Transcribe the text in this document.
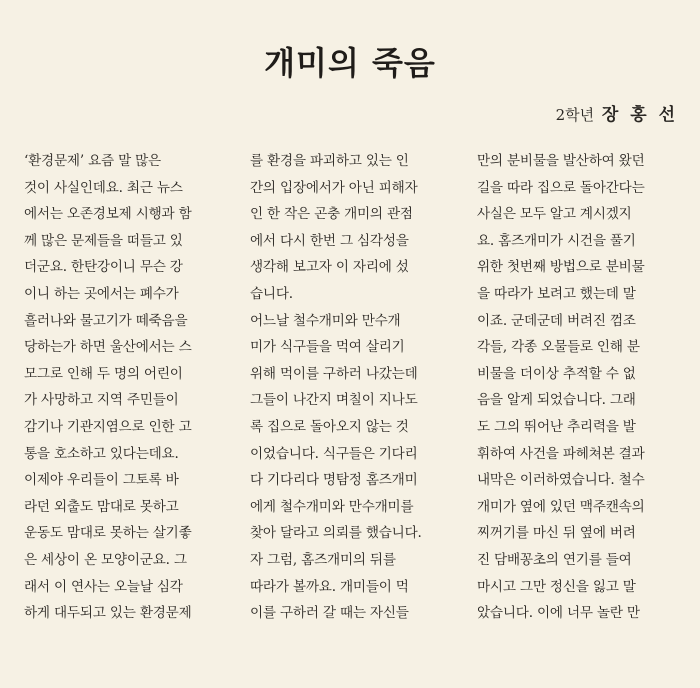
개미의 죽음
2학년 장 홍 선
‘환경문제’ 요즘 말 많은
것이 사실인데요. 최근 뉴스
에서는 오존경보제 시행과 함
께 많은 문제들을 떠들고 있
더군요. 한탄강이니 무슨 강
이니 하는 곳에서는 폐수가
흘러나와 물고기가 떼죽음을
당하는가 하면 울산에서는 스
모그로 인해 두 명의 어린이
가 사망하고 지역 주민들이
감기나 기관지염으로 인한 고
통을 호소하고 있다는데요.
이제야 우리들이 그토록 바
라던 외출도 맘대로 못하고
운동도 맘대로 못하는 살기좋
은 세상이 온 모양이군요. 그
래서 이 연사는 오늘날 심각
하게 대두되고 있는 환경문제
를 환경을 파괴하고 있는 인
간의 입장에서가 아닌 피해자
인 한 작은 곤충 개미의 관점
에서 다시 한번 그 심각성을
생각해 보고자 이 자리에 섰
습니다.
어느날 철수개미와 만수개
미가 식구들을 먹여 살리기
위해 먹이를 구하러 나갔는데
그들이 나간지 며칠이 지나도
록 집으로 돌아오지 않는 것
이었습니다. 식구들은 기다리
다 기다리다 명탐정 홈즈개미
에게 철수개미와 만수개미를
찾아 달라고 의뢰를 했습니다.
자 그럼, 홈즈개미의 뒤를
따라가 볼까요. 개미들이 먹
이를 구하러 갈 때는 자신들
만의 분비물을 발산하여 왔던
길을 따라 집으로 돌아간다는
사실은 모두 알고 계시겠지
요. 홈즈개미가 시건을 풀기
위한 첫번째 방법으로 분비물
을 따라가 보려고 했는데 말
이죠. 군데군데 버려진 껌조
각들, 각종 오물들로 인해 분
비물을 더이상 추적할 수 없
음을 알게 되었습니다. 그래
도 그의 뛰어난 추리력을 발
휘하여 사건을 파헤쳐본 결과
내막은 이러하였습니다. 철수
개미가 옆에 있던 맥주캔속의
찌꺼기를 마신 뒤 옆에 버려
진 담배꽁초의 연기를 들여
마시고 그만 정신을 잃고 말
았습니다. 이에 너무 놀란 만
